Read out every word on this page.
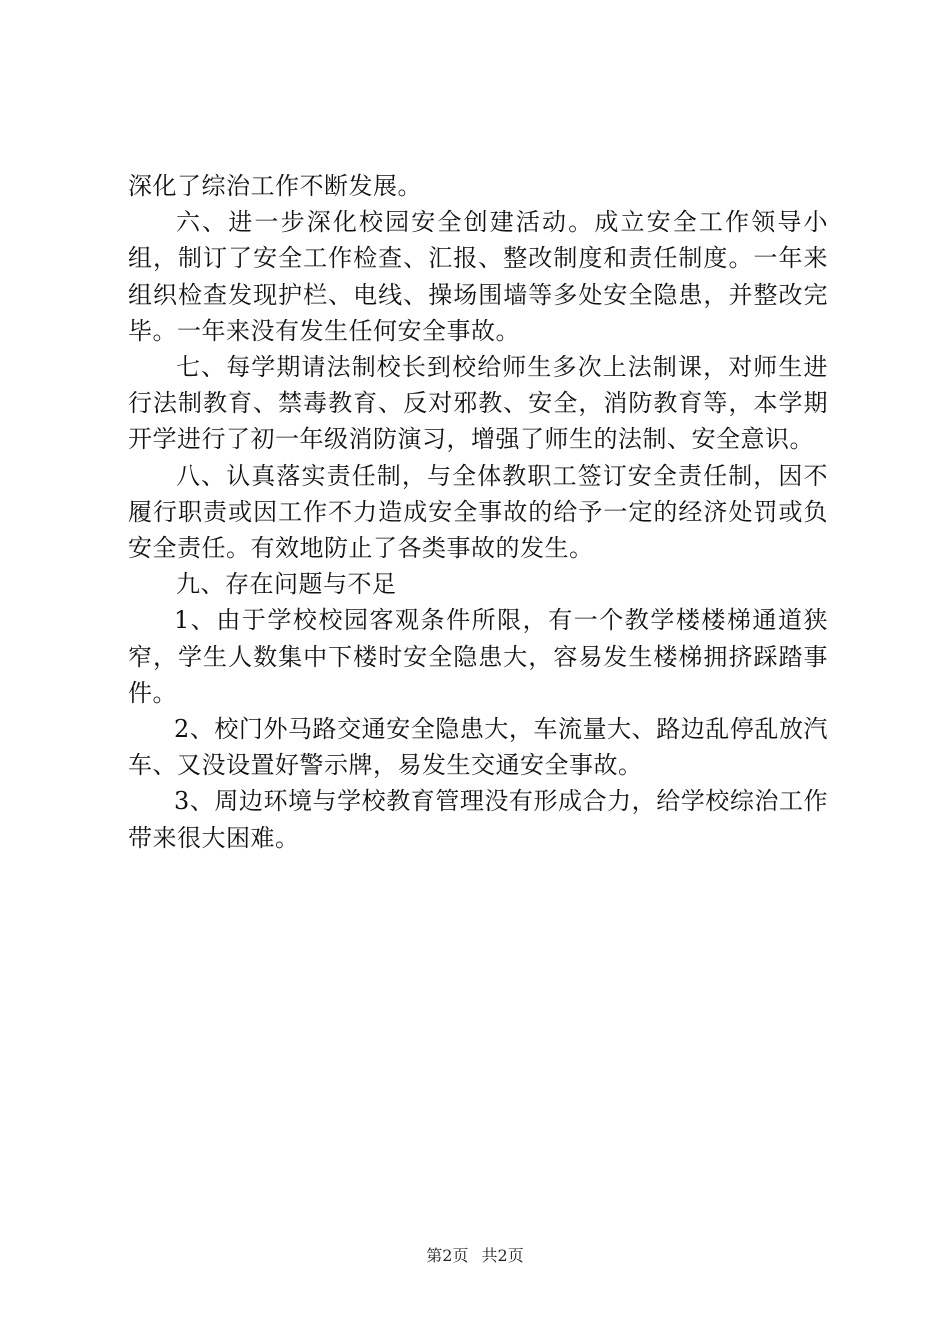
深化了综治工作不断发展。

六、进一步深化校园安全创建活动。成立安全工作领导小组，制订了安全工作检查、汇报、整改制度和责任制度。一年来组织检查发现护栏、电线、操场围墙等多处安全隐患，并整改完毕。一年来没有发生任何安全事故。

七、每学期请法制校长到校给师生多次上法制课，对师生进行法制教育、禁毒教育、反对邪教、安全，消防教育等，本学期开学进行了初一年级消防演习，增强了师生的法制、安全意识。

八、认真落实责任制，与全体教职工签订安全责任制，因不履行职责或因工作不力造成安全事故的给予一定的经济处罚或负安全责任。有效地防止了各类事故的发生。

九、存在问题与不足

1、由于学校校园客观条件所限，有一个教学楼楼梯通道狭窄，学生人数集中下楼时安全隐患大，容易发生楼梯拥挤踩踏事件。

2、校门外马路交通安全隐患大，车流量大、路边乱停乱放汽车、又没设置好警示牌，易发生交通安全事故。

3、周边环境与学校教育管理没有形成合力，给学校综治工作带来很大困难。

第2页 共2页
